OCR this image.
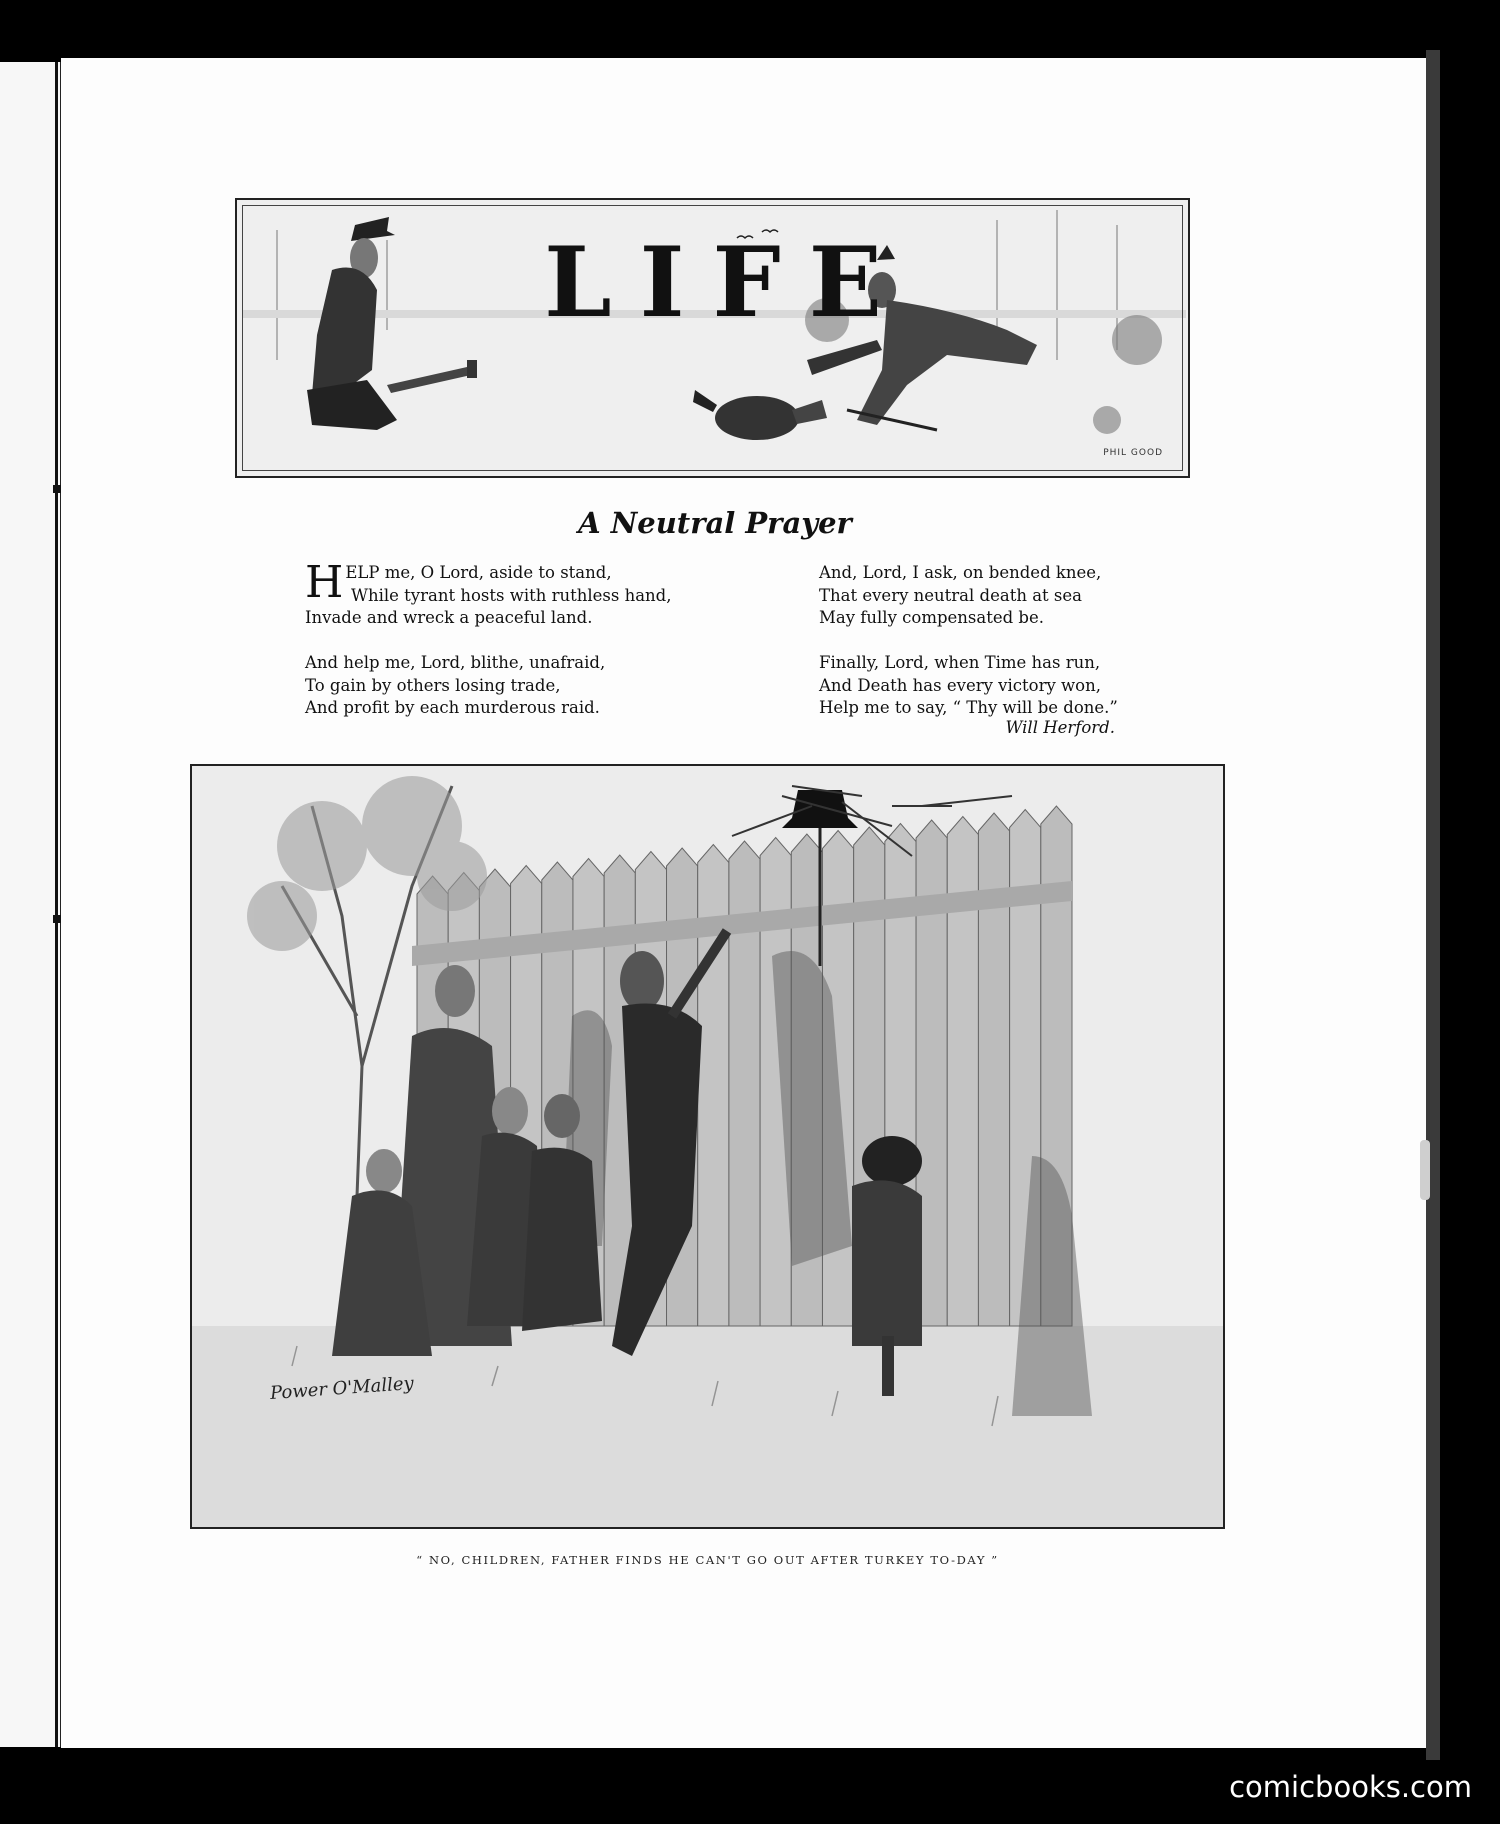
LIFE
PHIL GOOD
A Neutral Prayer

HELP me, O Lord, aside to stand,

While tyrant hosts with ruthless hand,

Invade and wreck a peaceful land.

And help me, Lord, blithe, unafraid,

To gain by others losing trade,

And profit by each murderous raid.

And, Lord, I ask, on bended knee,

That every neutral death at sea

May fully compensated be.

Finally, Lord, when Time has run,

And Death has every victory won,

Help me to say, “ Thy will be done.”

Will Herford.

Power O'Malley

“ NO, CHILDREN, FATHER FINDS HE CAN'T GO OUT AFTER TURKEY TO-DAY ”

comicbooks.com
